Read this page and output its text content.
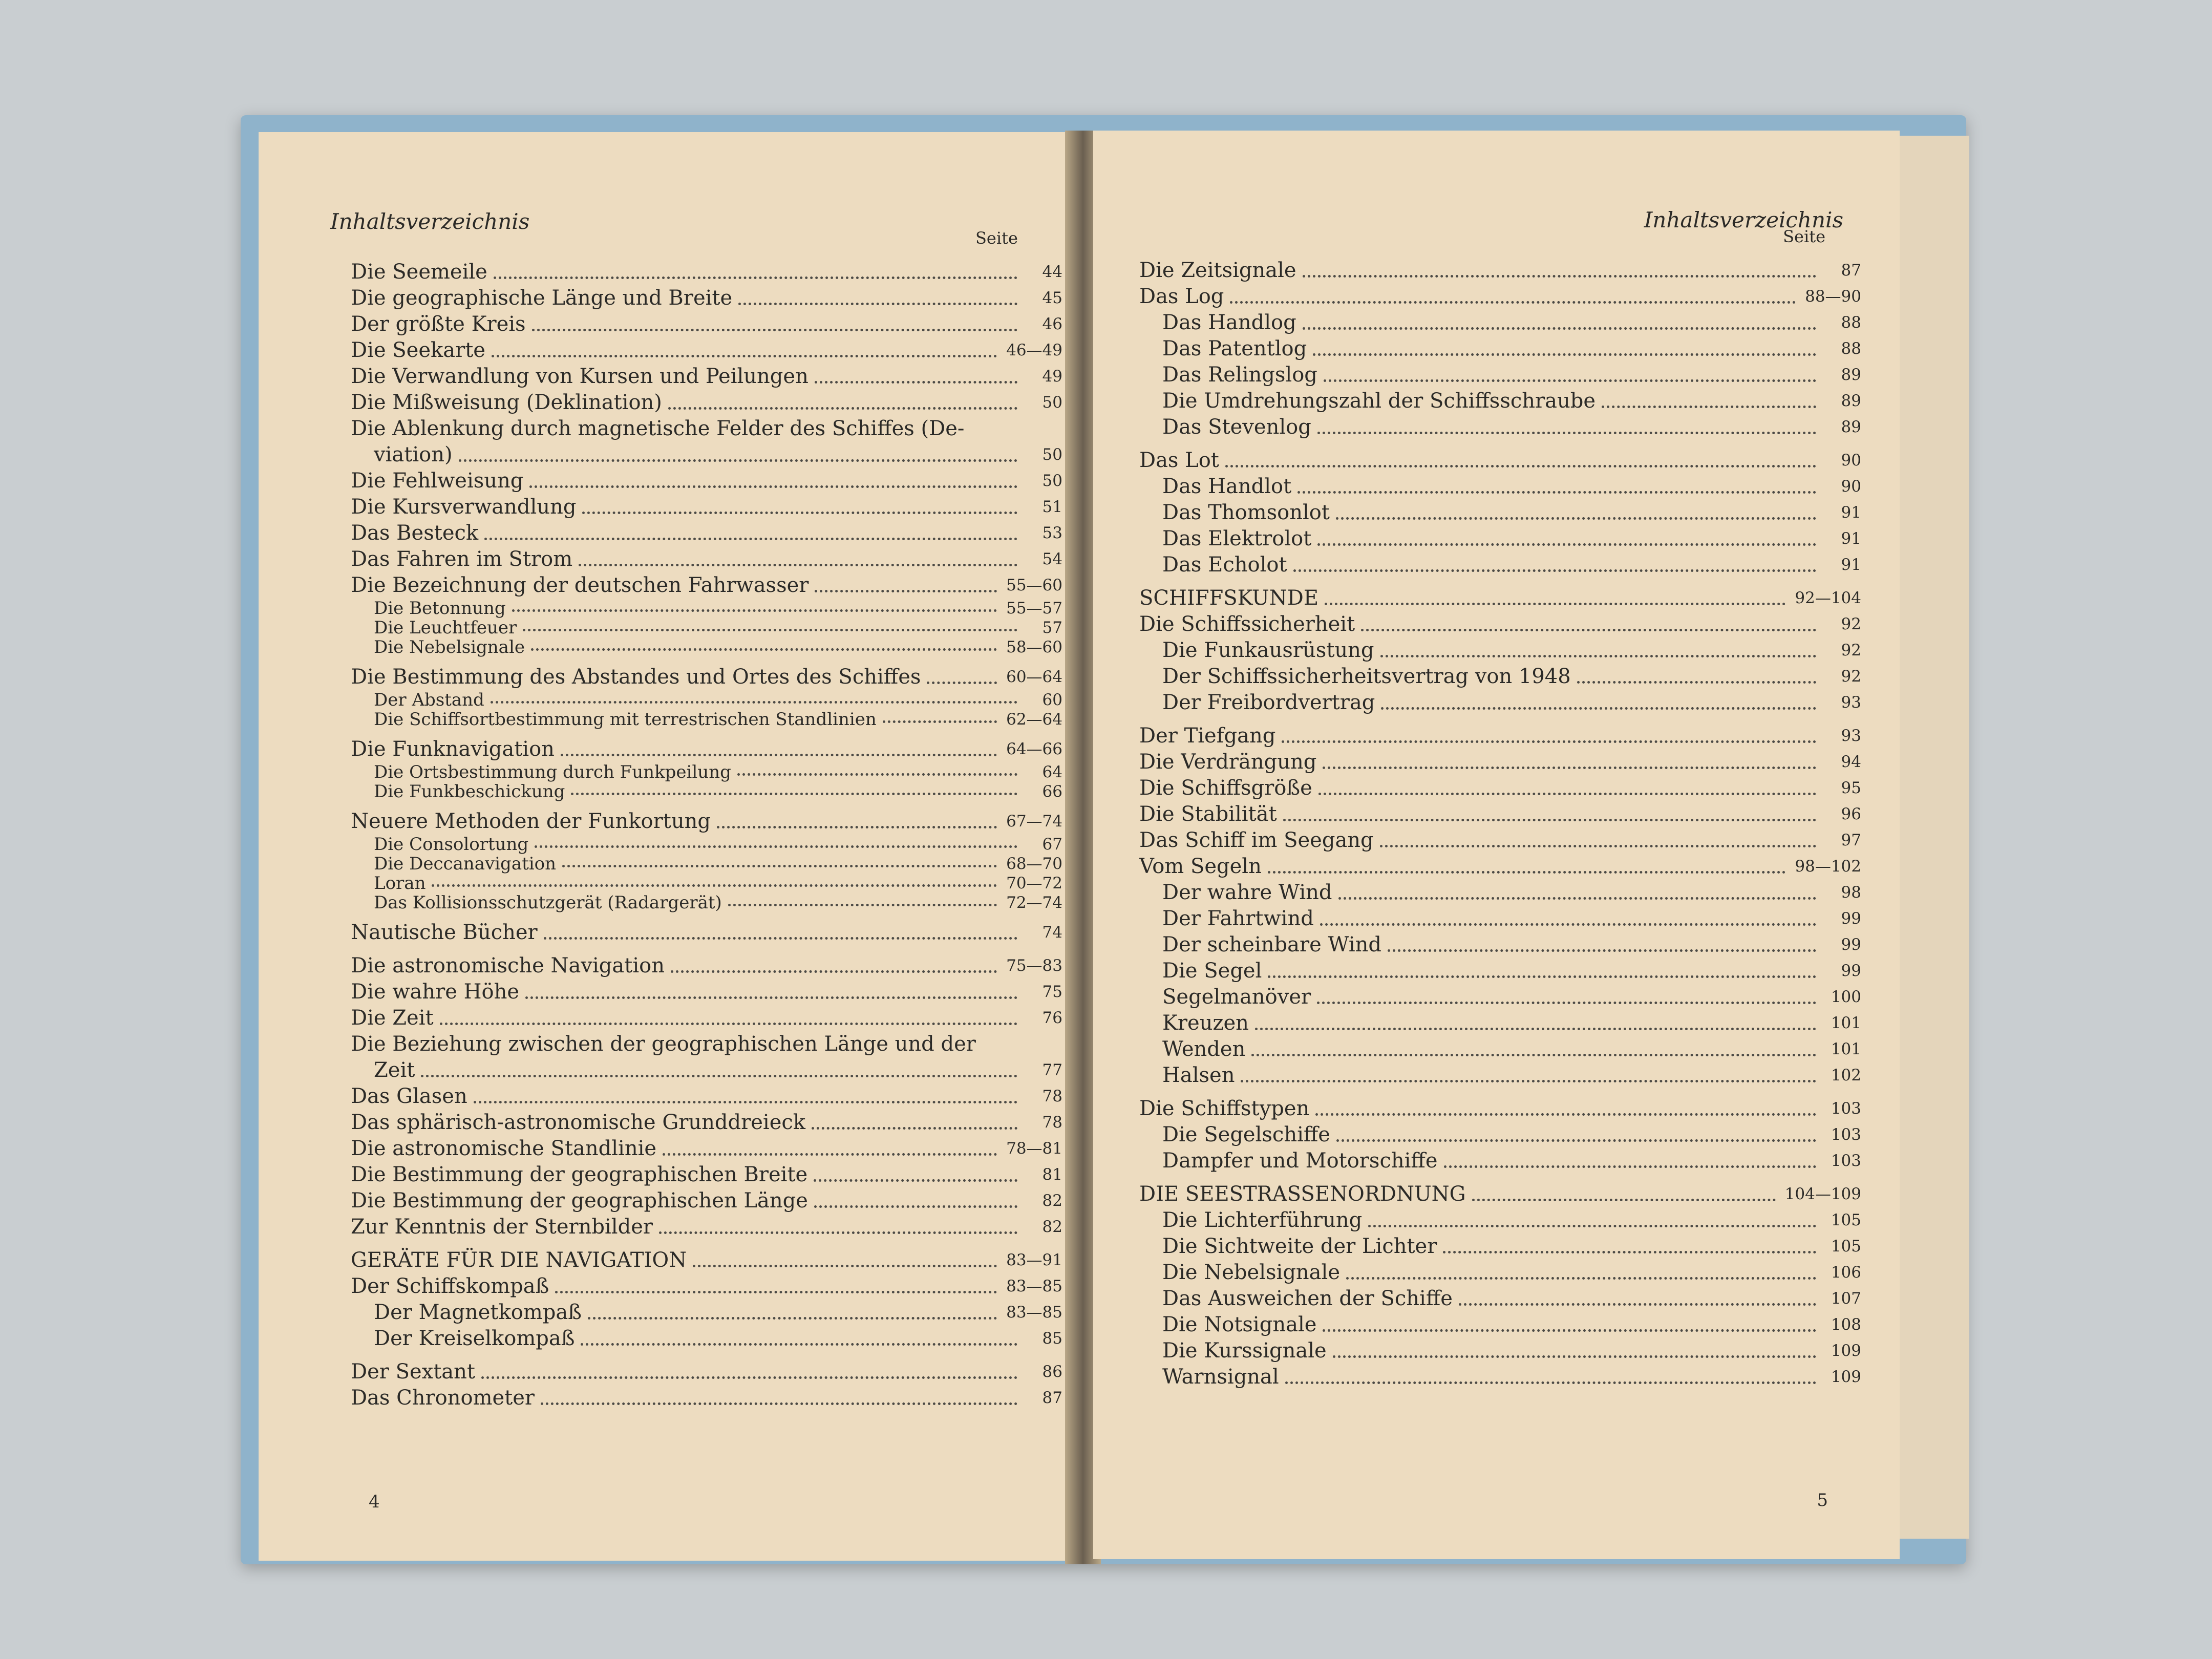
Inhaltsverzeichnis
Seite
Die Seemeile	44
Die geographische Länge und Breite	45
Der größte Kreis	46
Die Seekarte	46—49
Die Verwandlung von Kursen und Peilungen	49
Die Mißweisung (Deklination)	50
Die Ablenkung durch magnetische Felder des Schiffes (De-
viation)	50
Die Fehlweisung	50
Die Kursverwandlung	51
Das Besteck	53
Das Fahren im Strom	54
Die Bezeichnung der deutschen Fahrwasser	55—60
Die Betonnung	55—57
Die Leuchtfeuer	57
Die Nebelsignale	58—60
Die Bestimmung des Abstandes und Ortes des Schiffes	60—64
Der Abstand	60
Die Schiffsortbestimmung mit terrestrischen Standlinien	62—64
Die Funknavigation	64—66
Die Ortsbestimmung durch Funkpeilung	64
Die Funkbeschickung	66
Neuere Methoden der Funkortung	67—74
Die Consolortung	67
Die Deccanavigation	68—70
Loran	70—72
Das Kollisionsschutzgerät (Radargerät)	72—74
Nautische Bücher	74
Die astronomische Navigation	75—83
Die wahre Höhe	75
Die Zeit	76
Die Beziehung zwischen der geographischen Länge und der
Zeit	77
Das Glasen	78
Das sphärisch-astronomische Grunddreieck	78
Die astronomische Standlinie	78—81
Die Bestimmung der geographischen Breite	81
Die Bestimmung der geographischen Länge	82
Zur Kenntnis der Sternbilder	82
GERÄTE FÜR DIE NAVIGATION	83—91
Der Schiffskompaß	83—85
Der Magnetkompaß	83—85
Der Kreiselkompaß	85
Der Sextant	86
Das Chronometer	87
4
Inhaltsverzeichnis
Seite
Die Zeitsignale	87
Das Log	88—90
Das Handlog	88
Das Patentlog	88
Das Relingslog	89
Die Umdrehungszahl der Schiffsschraube	89
Das Stevenlog	89
Das Lot	90
Das Handlot	90
Das Thomsonlot	91
Das Elektrolot	91
Das Echolot	91
SCHIFFSKUNDE	92—104
Die Schiffssicherheit	92
Die Funkausrüstung	92
Der Schiffssicherheitsvertrag von 1948	92
Der Freibordvertrag	93
Der Tiefgang	93
Die Verdrängung	94
Die Schiffsgröße	95
Die Stabilität	96
Das Schiff im Seegang	97
Vom Segeln	98—102
Der wahre Wind	98
Der Fahrtwind	99
Der scheinbare Wind	99
Die Segel	99
Segelmanöver	100
Kreuzen	101
Wenden	101
Halsen	102
Die Schiffstypen	103
Die Segelschiffe	103
Dampfer und Motorschiffe	103
DIE SEESTRASSENORDNUNG	104—109
Die Lichterführung	105
Die Sichtweite der Lichter	105
Die Nebelsignale	106
Das Ausweichen der Schiffe	107
Die Notsignale	108
Die Kurssignale	109
Warnsignal	109
5
